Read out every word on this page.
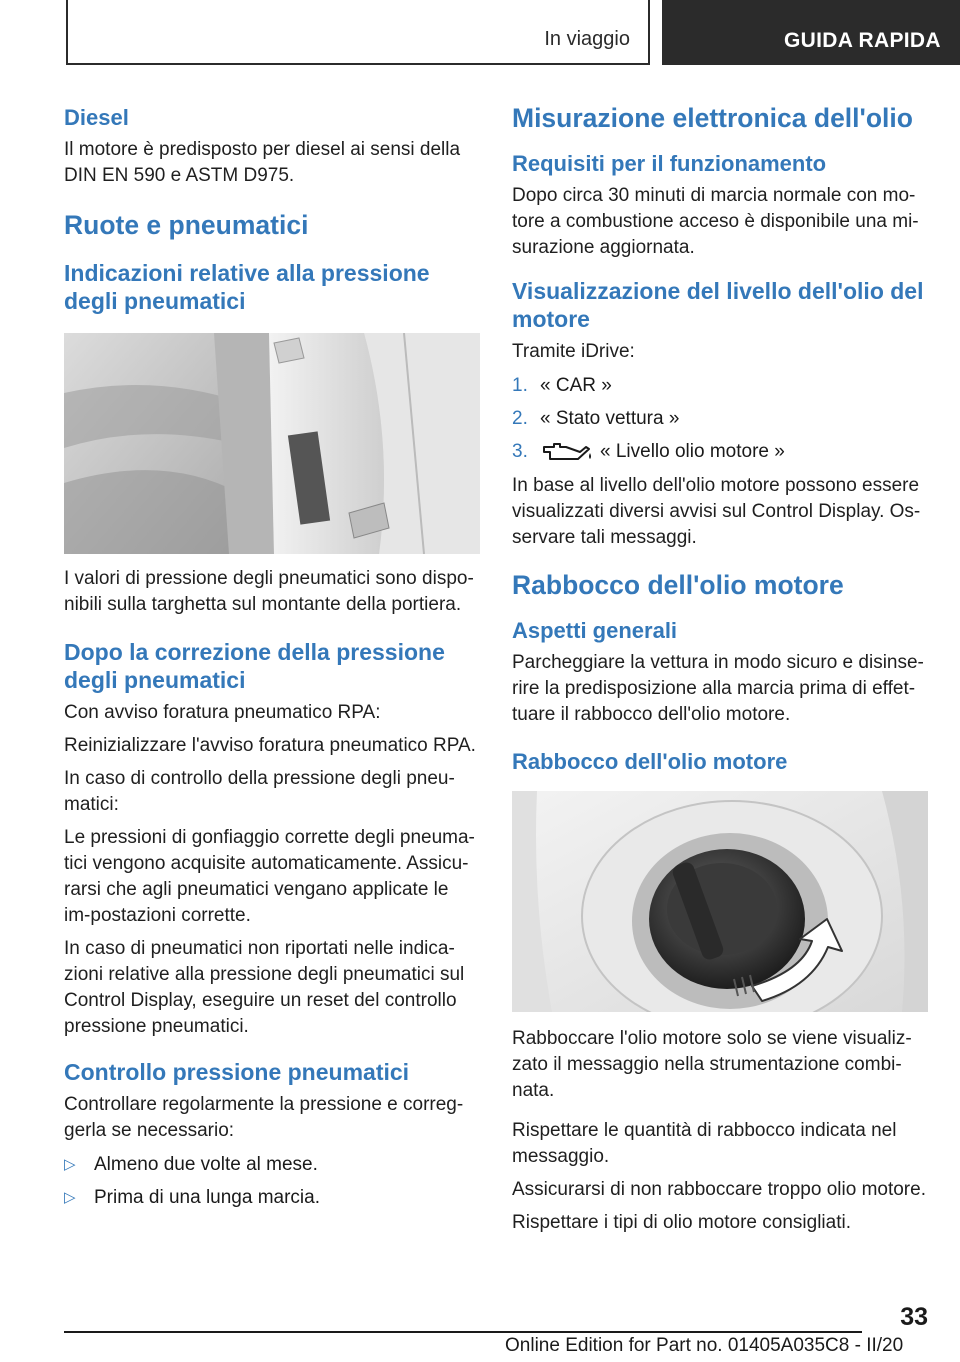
In viaggio	GUIDA RAPIDA
Diesel

Il motore è predisposto per diesel ai sensi della DIN EN 590 e ASTM D975.

Ruote e pneumatici
Indicazioni relative alla pressione degli pneumatici

I valori di pressione degli pneumatici sono dispo-nibili sulla targhetta sul montante della portiera.

Dopo la correzione della pressione degli pneumatici

Con avviso foratura pneumatico RPA:

Reinizializzare l'avviso foratura pneumatico RPA.

In caso di controllo della pressione degli pneu-matici:

Le pressioni di gonfiaggio corrette degli pneuma-tici vengono acquisite automaticamente. Assicu-rarsi che agli pneumatici vengano applicate le im-postazioni corrette.

In caso di pneumatici non riportati nelle indica-zioni relative alla pressione degli pneumatici sul Control Display, eseguire un reset del controllo pressione pneumatici.

Controllo pressione pneumatici

Controllare regolarmente la pressione e correg-gerla se necessario:

▷ Almeno due volte al mese.
▷ Prima di una lunga marcia.
Misurazione elettronica dell'olio
Requisiti per il funzionamento

Dopo circa 30 minuti di marcia normale con mo-tore a combustione acceso è disponibile una mi-surazione aggiornata.

Visualizzazione del livello dell'olio del motore

Tramite iDrive:

1. « CAR »
2. « Stato vettura »
3.	« Livello olio motore »

In base al livello dell'olio motore possono essere visualizzati diversi avvisi sul Control Display. Os-servare tali messaggi.

Rabbocco dell'olio motore
Aspetti generali

Parcheggiare la vettura in modo sicuro e disinse-rire la predisposizione alla marcia prima di effet-tuare il rabbocco dell'olio motore.

Rabbocco dell'olio motore

Rabboccare l'olio motore solo se viene visualiz-zato il messaggio nella strumentazione combi-nata.

Rispettare le quantità di rabbocco indicata nel messaggio.

Assicurarsi di non rabboccare troppo olio motore.

Rispettare i tipi di olio motore consigliati.

33
Online Edition for Part no. 01405A035C8 - II/20
